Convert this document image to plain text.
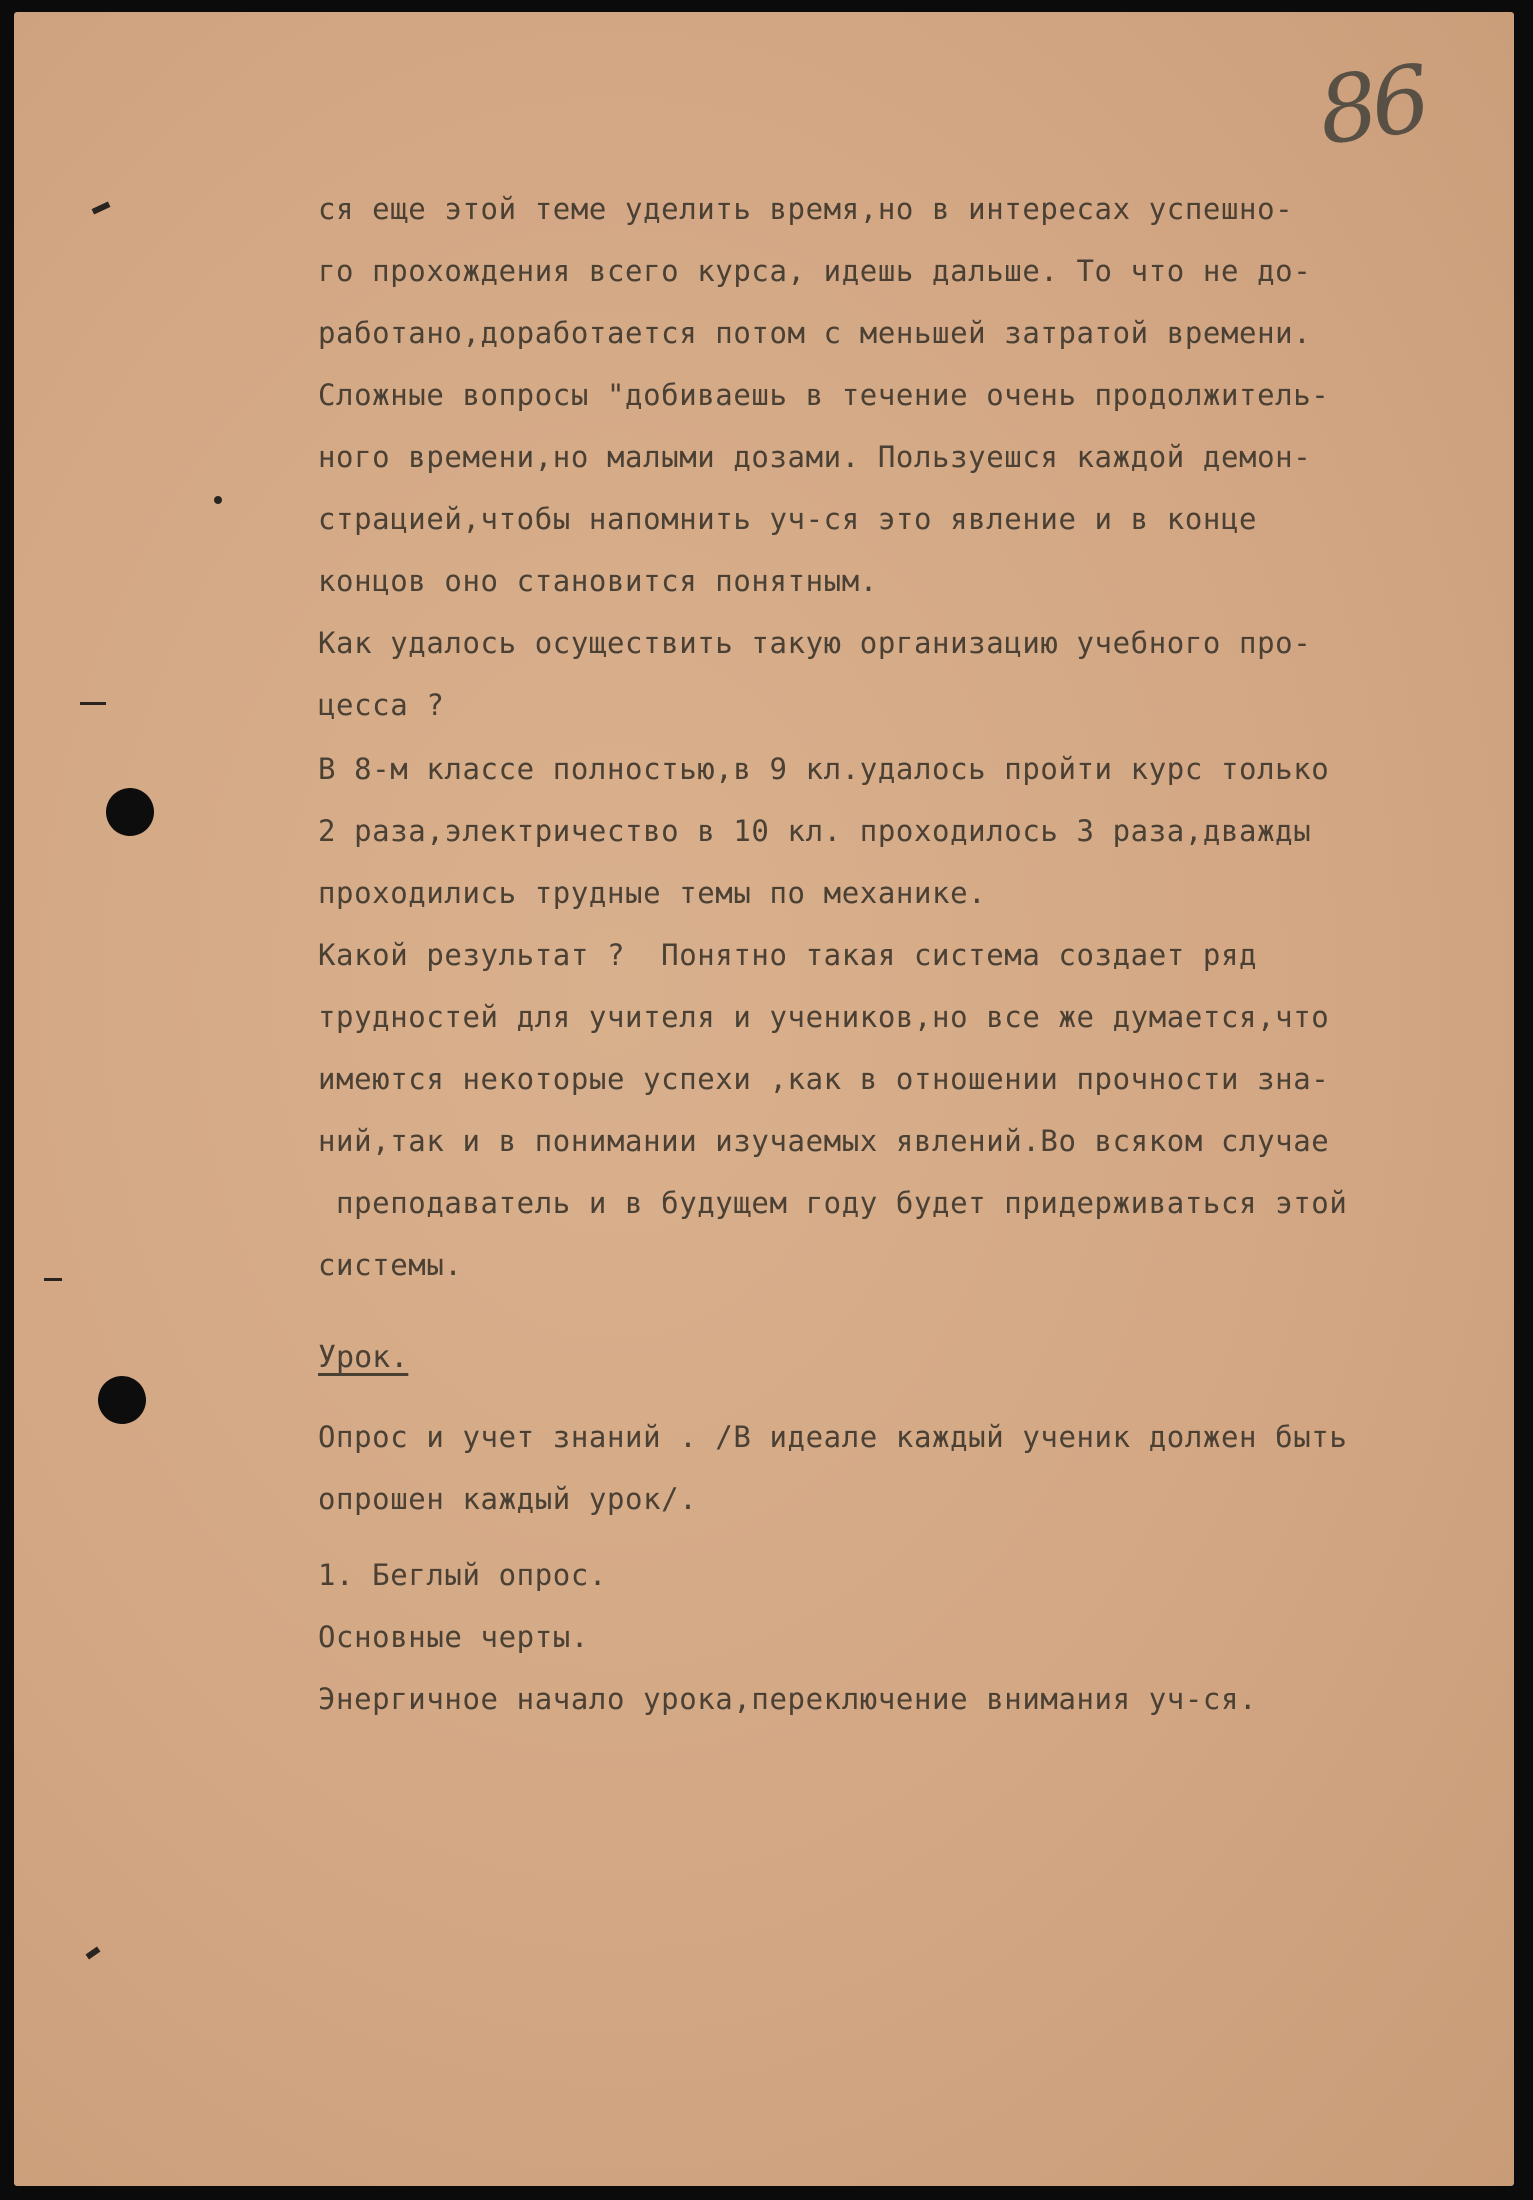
86

ся еще этой теме уделить время,но в интересах успешно-

го прохождения всего курса, идешь дальше. То что не до-

работано,доработается потом с меньшей затратой времени.

Сложные вопросы "добиваешь в течение очень продолжитель-

ного времени,но малыми дозами. Пользуешся каждой демон-

страцией,чтобы напомнить уч-ся это явление и в конце

концов оно становится понятным.

Как удалось осуществить такую организацию учебного про-

цесса ?

В 8-м классе полностью,в 9 кл.удалось пройти курс только

2 раза,электричество в 10 кл. проходилось 3 раза,дважды

проходились трудные темы по механике.

Какой результат ?  Понятно такая система создает ряд

трудностей для учителя и учеников,но все же думается,что

имеются некоторые успехи ,как в отношении прочности зна-

ний,так и в понимании изучаемых явлений.Во всяком случае

преподаватель и в будущем году будет придерживаться этой

системы.

Урок.

Опрос и учет знаний . /В идеале каждый ученик должен быть

опрошен каждый урок/.

1. Беглый опрос.

Основные черты.

Энергичное начало урока,переключение внимания уч-ся.
